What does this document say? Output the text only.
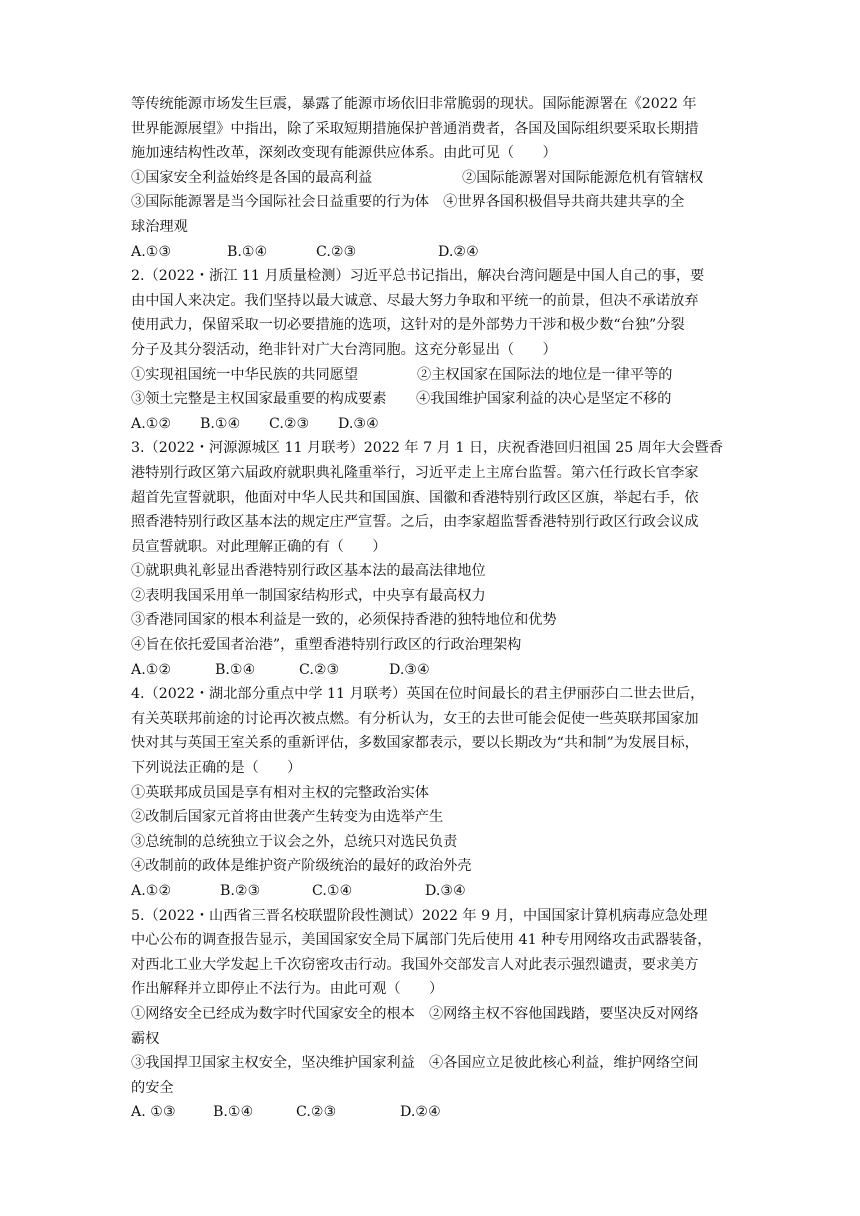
等传统能源市场发生巨震，暴露了能源市场依旧非常脆弱的现状。国际能源署在《2022 年
世界能源展望》中指出，除了采取短期措施保护普通消费者，各国及国际组织要采取长期措
施加速结构性改革，深刻改变现有能源供应体系。由此可见（　　）
①国家安全利益始终是各国的最高利益	②国际能源署对国际能源危机有管辖权
③国际能源署是当今国际社会日益重要的行为体　④世界各国积极倡导共商共建共享的全
球治理观
A.①③	B.①④	C.②③	D.②④
2.（2022・浙江 11 月质量检测）习近平总书记指出，解决台湾问题是中国人自己的事，要
由中国人来决定。我们坚持以最大诚意、尽最大努力争取和平统一的前景，但决不承诺放弃
使用武力，保留采取一切必要措施的选项，这针对的是外部势力干涉和极少数“台独”分裂
分子及其分裂活动，绝非针对广大台湾同胞。这充分彰显出（　　）
①实现祖国统一中华民族的共同愿望	②主权国家在国际法的地位是一律平等的
③领土完整是主权国家最重要的构成要素	④我国维护国家利益的决心是坚定不移的
A.①②	B.①④	C.②③	D.③④
3.（2022・河源源城区 11 月联考）2022 年 7 月 1 日，庆祝香港回归祖国 25 周年大会暨香
港特别行政区第六届政府就职典礼隆重举行，习近平走上主席台监誓。第六任行政长官李家
超首先宣誓就职，他面对中华人民共和国国旗、国徽和香港特别行政区区旗，举起右手，依
照香港特别行政区基本法的规定庄严宣誓。之后，由李家超监誓香港特别行政区行政会议成
员宣誓就职。对此理解正确的有（　　）
①就职典礼彰显出香港特别行政区基本法的最高法律地位
②表明我国采用单一制国家结构形式，中央享有最高权力
③香港同国家的根本利益是一致的，必须保持香港的独特地位和优势
④旨在依托爱国者治港”，重塑香港特别行政区的行政治理架构
A.①②	B.①④	C.②③	D.③④
4.（2022・湖北部分重点中学 11 月联考）英国在位时间最长的君主伊丽莎白二世去世后，
有关英联邦前途的讨论再次被点燃。有分析认为，女王的去世可能会促使一些英联邦国家加
快对其与英国王室关系的重新评估，多数国家都表示，要以长期改为“共和制”为发展目标，
下列说法正确的是（　　）
①英联邦成员国是享有相对主权的完整政治实体
②改制后国家元首将由世袭产生转变为由选举产生
③总统制的总统独立于议会之外，总统只对选民负责
④改制前的政体是维护资产阶级统治的最好的政治外壳
A.①②	B.②③	C.①④	D.③④
5.（2022・山西省三晋名校联盟阶段性测试）2022 年 9 月，中国国家计算机病毒应急处理
中心公布的调查报告显示，美国国家安全局下属部门先后使用 41 种专用网络攻击武器装备，
对西北工业大学发起上千次窃密攻击行动。我国外交部发言人对此表示强烈谴责，要求美方
作出解释并立即停止不法行为。由此可观（　　）
①网络安全已经成为数字时代国家安全的根本　②网络主权不容他国践踏，要坚决反对网络
霸权
③我国捍卫国家主权安全，坚决维护国家利益　④各国应立足彼此核心利益，维护网络空间
的安全
A. ①③	B.①④	C.②③	D.②④
